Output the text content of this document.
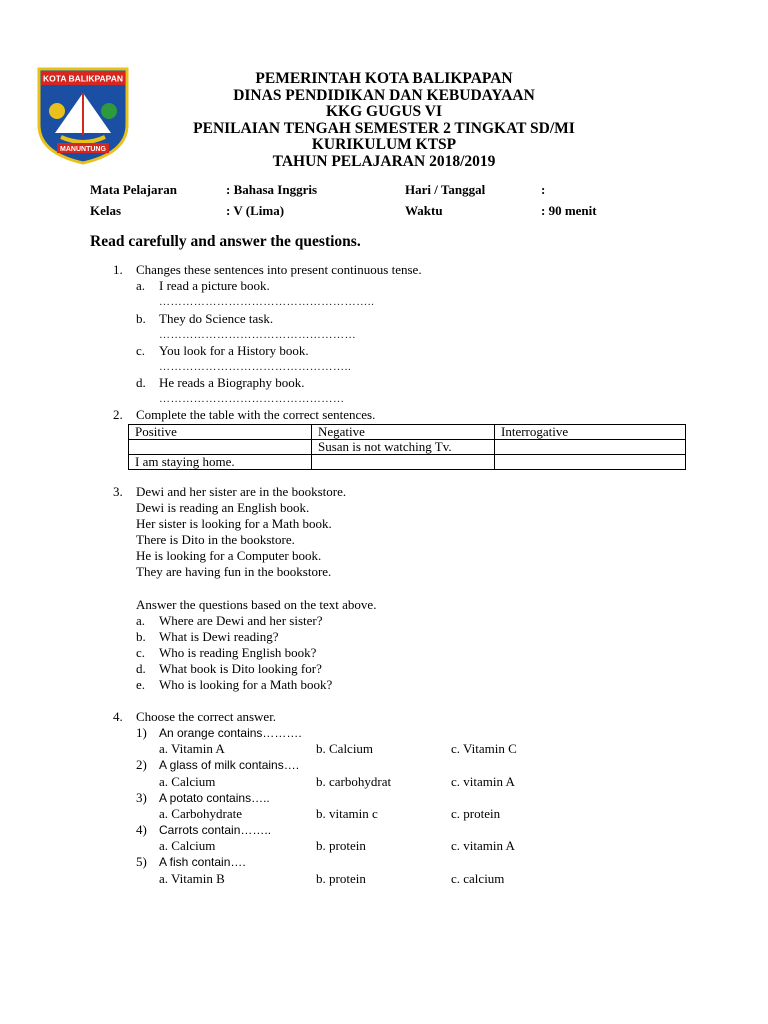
KOTA BALIKPAPAN
MANUNTUNG
PEMERINTAH KOTA BALIKPAPAN
DINAS PENDIDIKAN DAN KEBUDAYAAN
KKG GUGUS VI
PENILAIAN TENGAH SEMESTER 2 TINGKAT SD/MI
KURIKULUM KTSP
TAHUN PELAJARAN 2018/2019
Mata Pelajaran	: Bahasa Inggris	Hari / Tanggal	:
Kelas	: V (Lima)	Waktu	: 90 menit
Read carefully and answer the questions.
1. Changes these sentences into present continuous tense.
a. I read a picture book.
………………………………………………..
b. They do Science task.
……………………………………………
c. You look for a History book.
…………………………………………..
d. He reads a Biography book.
…………………………………………
2. Complete the table with the correct sentences.
Positive	Negative	Interrogative
	Susan is not watching Tv.	
I am staying home.		
3. Dewi and her sister are in the bookstore.
Dewi is reading an English book.
Her sister is looking for a Math book.
There is Dito in the bookstore.
He is looking for a Computer book.
They are having fun in the bookstore.
Answer the questions based on the text above.
a. Where are Dewi and her sister?
b. What is Dewi reading?
c. Who is reading English book?
d. What book is Dito looking for?
e. Who is looking for a Math book?
4. Choose the correct answer.
1) An orange contains……….
a. Vitamin A	b. Calcium	c. Vitamin C
2) A glass of milk contains….
a. Calcium	b. carbohydrat	c. vitamin A
3) A potato contains…..
a. Carbohydrate	b. vitamin c	c. protein
4) Carrots contain……..
a. Calcium	b. protein	c. vitamin A
5) A fish contain….
a. Vitamin B	b. protein	c. calcium
